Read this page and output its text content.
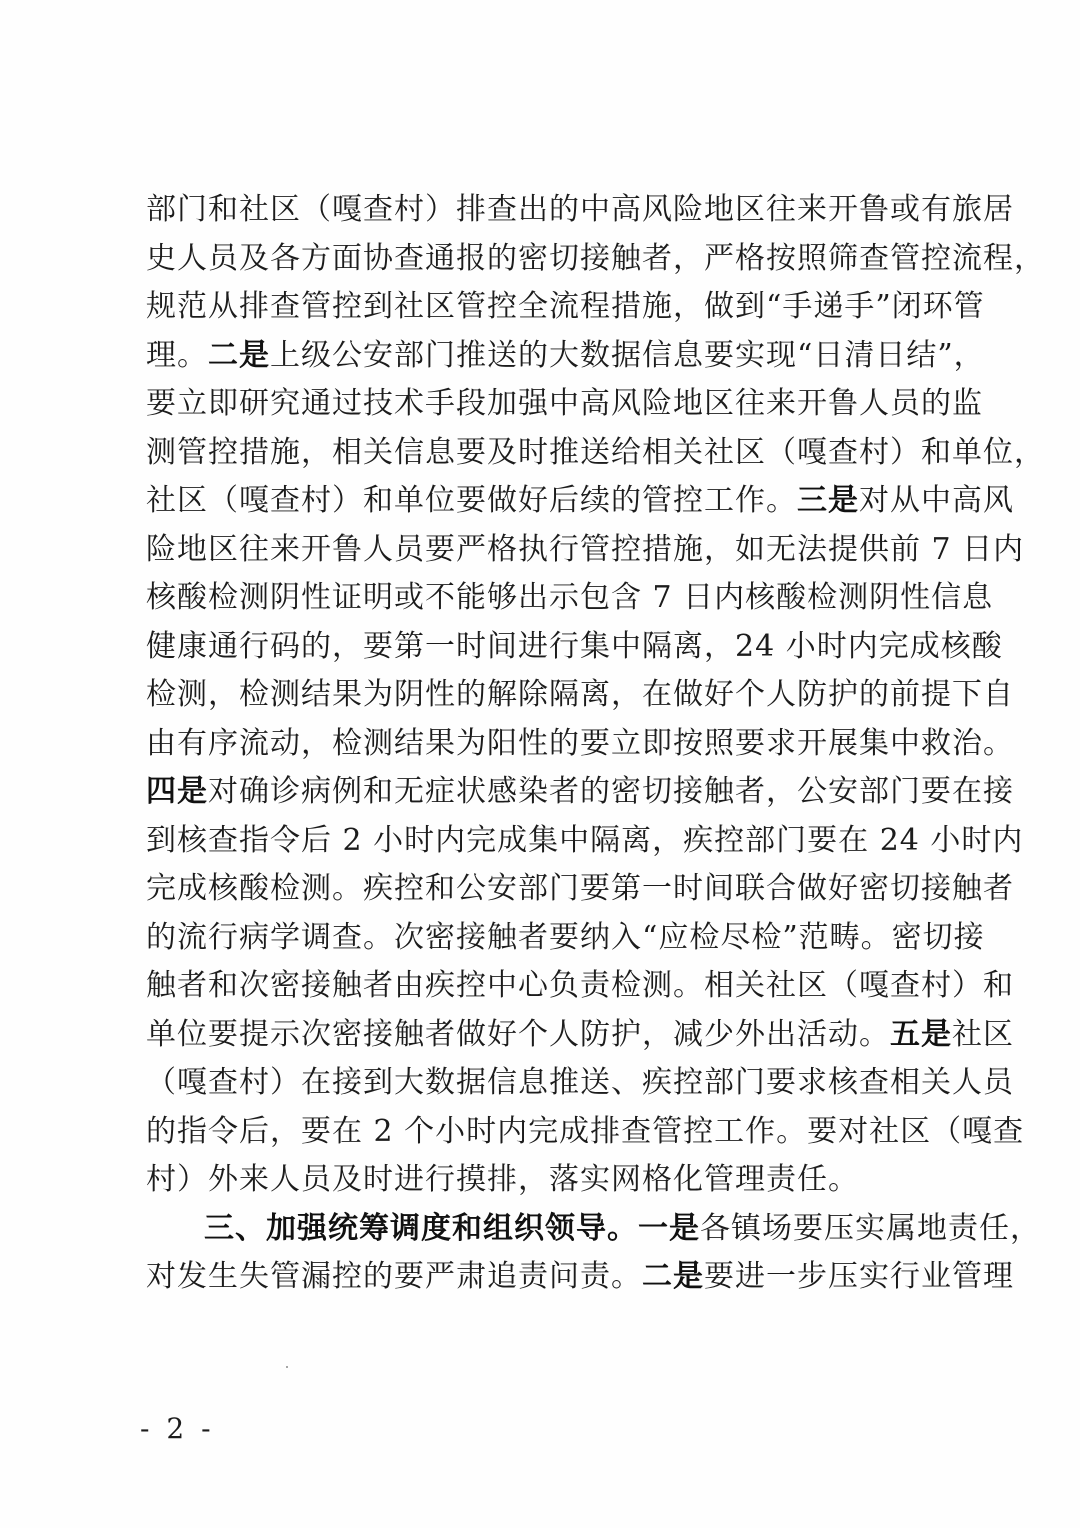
部门和社区（嘎查村）排查出的中高风险地区往来开鲁或有旅居
史人员及各方面协查通报的密切接触者，严格按照筛查管控流程，
规范从排查管控到社区管控全流程措施，做到“手递手”闭环管
理。二是上级公安部门推送的大数据信息要实现“日清日结”，
要立即研究通过技术手段加强中高风险地区往来开鲁人员的监
测管控措施，相关信息要及时推送给相关社区（嘎查村）和单位，
社区（嘎查村）和单位要做好后续的管控工作。三是对从中高风
险地区往来开鲁人员要严格执行管控措施，如无法提供前 7 日内
核酸检测阴性证明或不能够出示包含 7 日内核酸检测阴性信息
健康通行码的，要第一时间进行集中隔离，24 小时内完成核酸
检测，检测结果为阴性的解除隔离，在做好个人防护的前提下自
由有序流动，检测结果为阳性的要立即按照要求开展集中救治。
四是对确诊病例和无症状感染者的密切接触者，公安部门要在接
到核查指令后 2 小时内完成集中隔离，疾控部门要在 24 小时内
完成核酸检测。疾控和公安部门要第一时间联合做好密切接触者
的流行病学调查。次密接触者要纳入“应检尽检”范畴。密切接
触者和次密接触者由疾控中心负责检测。相关社区（嘎查村）和
单位要提示次密接触者做好个人防护，减少外出活动。五是社区
（嘎查村）在接到大数据信息推送、疾控部门要求核查相关人员
的指令后，要在 2 个小时内完成排查管控工作。要对社区（嘎查
村）外来人员及时进行摸排，落实网格化管理责任。
三、加强统筹调度和组织领导。一是各镇场要压实属地责任，
对发生失管漏控的要严肃追责问责。二是要进一步压实行业管理
- 2 -
